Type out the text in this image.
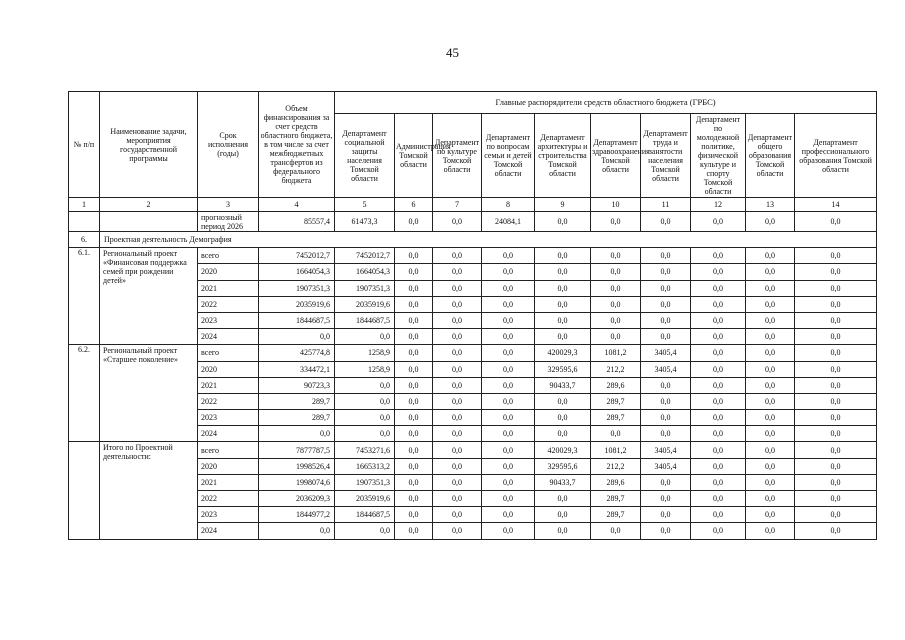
45
№ п/п	Наименование задачи, мероприятия государственной программы	Срок исполнения (годы)	Объем финансирования за счет средств областного бюджета, в том числе за счет межбюджетных трансфертов из федерального бюджета	Главные распорядители средств областного бюджета (ГРБС)									
				Департамент социальной защиты населения Томской области	Администрация Томской области	Департамент по культуре Томской области	Департамент по вопросам семьи и детей Томской области	Департамент архитектуры и строительства Томской области	Департамент здравоохранения Томской области	Департамент труда и занятости населения Томской области	Департамент по молодежной политике, физической культуре и спорту Томской области	Департамент общего образования Томской области	Департамент профессионального образования Томской области
1	2	3	4	5	6	7	8	9	10	11	12	13	14
		прогнозный период 2026	85557,4	61473,3	0,0	0,0	24084,1	0,0	0,0	0,0	0,0	0,0	0,0
6.	Проектная деятельность Демография												
6.1.	Региональный проект «Финансовая поддержка семей при рождении детей»	всего	7452012,7	7452012,7	0,0	0,0	0,0	0,0	0,0	0,0	0,0	0,0	0,0
		2020	1664054,3	1664054,3	0,0	0,0	0,0	0,0	0,0	0,0	0,0	0,0	0,0
		2021	1907351,3	1907351,3	0,0	0,0	0,0	0,0	0,0	0,0	0,0	0,0	0,0
		2022	2035919,6	2035919,6	0,0	0,0	0,0	0,0	0,0	0,0	0,0	0,0	0,0
		2023	1844687,5	1844687,5	0,0	0,0	0,0	0,0	0,0	0,0	0,0	0,0	0,0
		2024	0,0	0,0	0,0	0,0	0,0	0,0	0,0	0,0	0,0	0,0	0,0
6.2.	Региональный проект «Старшее поколение»	всего	425774,8	1258,9	0,0	0,0	0,0	420029,3	1081,2	3405,4	0,0	0,0	0,0
		2020	334472,1	1258,9	0,0	0,0	0,0	329595,6	212,2	3405,4	0,0	0,0	0,0
		2021	90723,3	0,0	0,0	0,0	0,0	90433,7	289,6	0,0	0,0	0,0	0,0
		2022	289,7	0,0	0,0	0,0	0,0	0,0	289,7	0,0	0,0	0,0	0,0
		2023	289,7	0,0	0,0	0,0	0,0	0,0	289,7	0,0	0,0	0,0	0,0
		2024	0,0	0,0	0,0	0,0	0,0	0,0	0,0	0,0	0,0	0,0	0,0
	Итого по Проектной деятельности:	всего	7877787,5	7453271,6	0,0	0,0	0,0	420029,3	1081,2	3405,4	0,0	0,0	0,0
		2020	1998526,4	1665313,2	0,0	0,0	0,0	329595,6	212,2	3405,4	0,0	0,0	0,0
		2021	1998074,6	1907351,3	0,0	0,0	0,0	90433,7	289,6	0,0	0,0	0,0	0,0
		2022	2036209,3	2035919,6	0,0	0,0	0,0	0,0	289,7	0,0	0,0	0,0	0,0
		2023	1844977,2	1844687,5	0,0	0,0	0,0	0,0	289,7	0,0	0,0	0,0	0,0
		2024	0,0	0,0	0,0	0,0	0,0	0,0	0,0	0,0	0,0	0,0	0,0
